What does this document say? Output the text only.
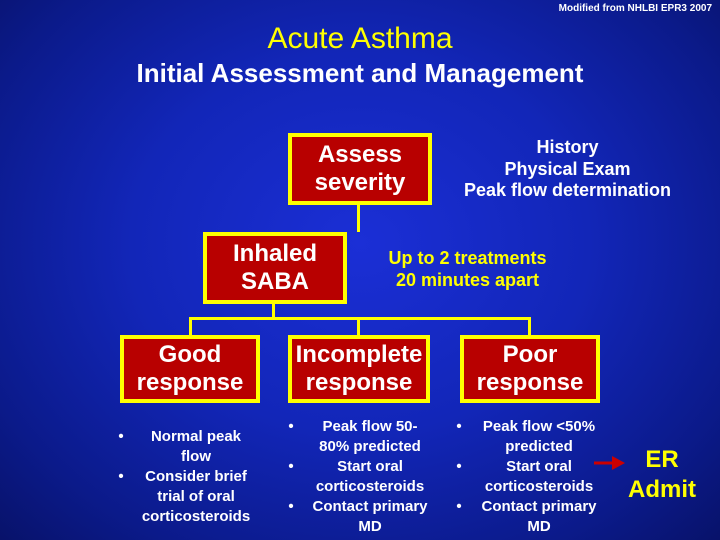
Modified from NHLBI EPR3 2007
Acute Asthma
Initial Assessment and Management
Assess
severity
Inhaled
SABA
Good
response
Incomplete
response
Poor
response
History
Physical Exam
Peak flow determination
Up to 2 treatments
20 minutes apart
•	Normal peak
flow
•	Consider brief
trial of oral
corticosteroids
•	Peak flow 50-
80% predicted
•	Start oral
corticosteroids
•	Contact primary
MD
•	Peak flow <50%
predicted
•	Start oral
corticosteroids
•	Contact primary
MD
ER
Admit
